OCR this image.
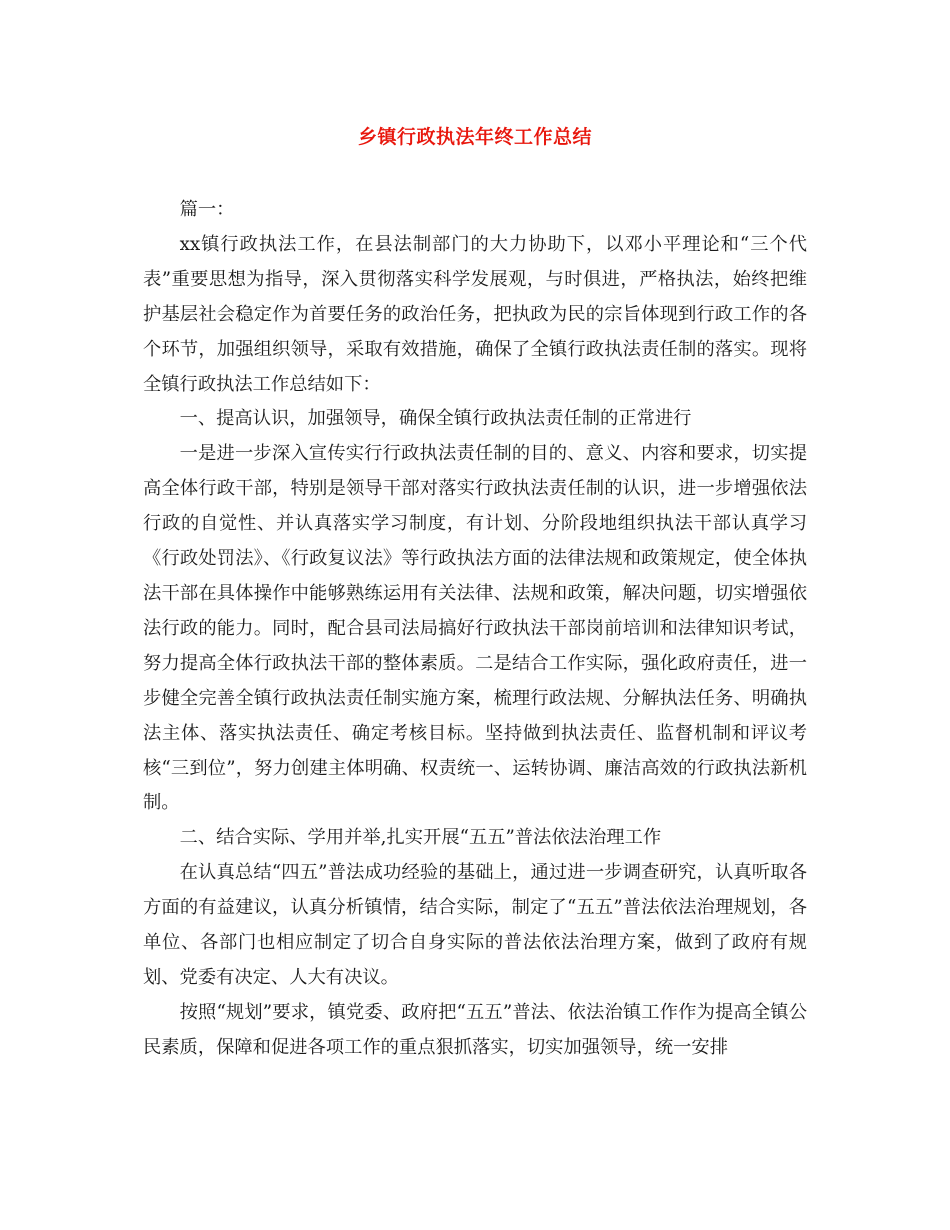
乡镇行政执法年终工作总结

篇一：

xx镇行政执法工作，在县法制部门的大力协助下，以邓小平理论和“三个代表”重要思想为指导，深入贯彻落实科学发展观，与时俱进，严格执法，始终把维护基层社会稳定作为首要任务的政治任务，把执政为民的宗旨体现到行政工作的各个环节，加强组织领导，采取有效措施，确保了全镇行政执法责任制的落实。现将全镇行政执法工作总结如下：

一、提高认识，加强领导，确保全镇行政执法责任制的正常进行

一是进一步深入宣传实行行政执法责任制的目的、意义、内容和要求，切实提高全体行政干部，特别是领导干部对落实行政执法责任制的认识，进一步增强依法行政的自觉性、并认真落实学习制度，有计划、分阶段地组织执法干部认真学习《行政处罚法》、《行政复议法》等行政执法方面的法律法规和政策规定，使全体执法干部在具体操作中能够熟练运用有关法律、法规和政策，解决问题，切实增强依法行政的能力。同时，配合县司法局搞好行政执法干部岗前培训和法律知识考试，努力提高全体行政执法干部的整体素质。二是结合工作实际，强化政府责任，进一步健全完善全镇行政执法责任制实施方案，梳理行政法规、分解执法任务、明确执法主体、落实执法责任、确定考核目标。坚持做到执法责任、监督机制和评议考核“三到位”，努力创建主体明确、权责统一、运转协调、廉洁高效的行政执法新机制。

二、结合实际、学用并举,扎实开展“五五”普法依法治理工作

在认真总结“四五”普法成功经验的基础上，通过进一步调查研究，认真听取各方面的有益建议，认真分析镇情，结合实际，制定了“五五”普法依法治理规划，各单位、各部门也相应制定了切合自身实际的普法依法治理方案，做到了政府有规划、党委有决定、人大有决议。

按照“规划”要求，镇党委、政府把“五五”普法、依法治镇工作作为提高全镇公民素质，保障和促进各项工作的重点狠抓落实，切实加强领导，统一安排
